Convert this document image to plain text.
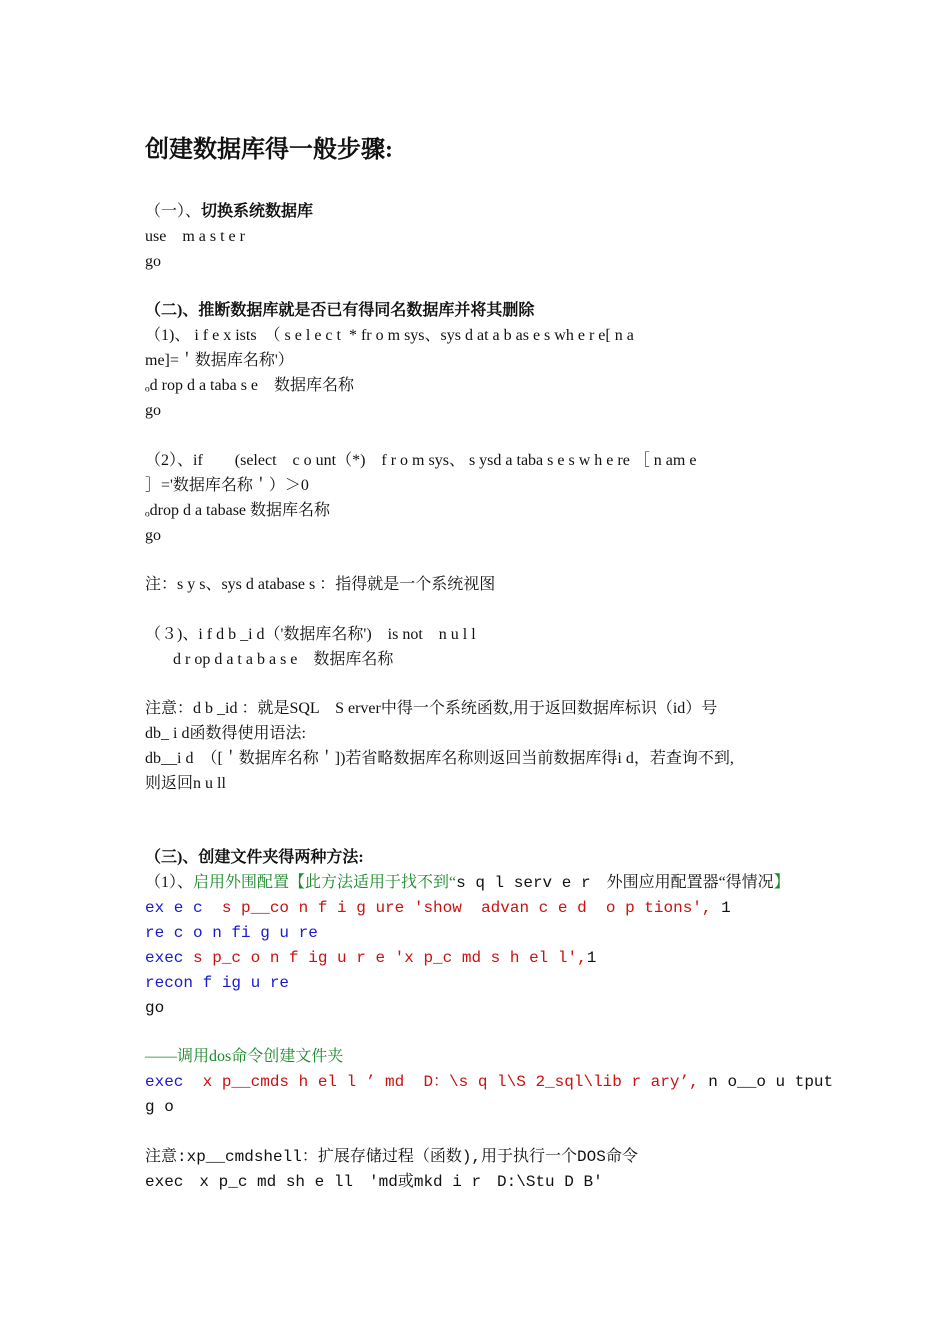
创建数据库得一般步骤:
（一）、切换系统数据库
use　m a s t e r
go
（二)、推断数据库就是否已有得同名数据库并将其删除
（1)、 i f e x ists　（ s e l e c t  * fr o m sys、sys d at a b as e s wh e r e[ n a
me]=＇数据库名称'）
ₒd rop d a taba s e　数据库名称
go
（2）、if　　(select　c o unt（*)　f r o m sys、 s ysd a taba s e s w h e re ［ n am e
］='数据库名称＇）＞0
ₒdrop d a tabase 数据库名称
go
注：s y s、sys d atabase s ：指得就是一个系统视图
（３)、i f d b _i d（'数据库名称')　is not　n u l l
d r op d a t a b a s e　数据库名称
注意：d b _id ：就是SQL　S erver中得一个系统函数,用于返回数据库标识（id）号
db_ i d函数得使用语法:
db__i d　（[＇数据库名称＇])若省略数据库名称则返回当前数据库得i d，若查询不到,
则返回n u ll
（三)、创建文件夹得两种方法:
（1）、启用外围配置【此方法适用于找不到“s q l serv e r　外围应用配置器“得情况】
ex e c  s p__co n f i g ure ′show  advan c e d  o p tions', 1
re c o n fi g u re
exec s p_c o n f ig u r e ′x p_c md s h el l',1
recon f ig u re
go
——调用dos命令创建文件夹
exec  x p__cmds h el l ’ md  D：\s q l\S 2_sql\lib r ary’, n o__o u tput
g o
注意:xp__cmdshell：扩展存储过程（函数),用于执行一个DOS命令
exec　x p_c md sh e ll　′md或mkd i r　D:\Stu D B'
